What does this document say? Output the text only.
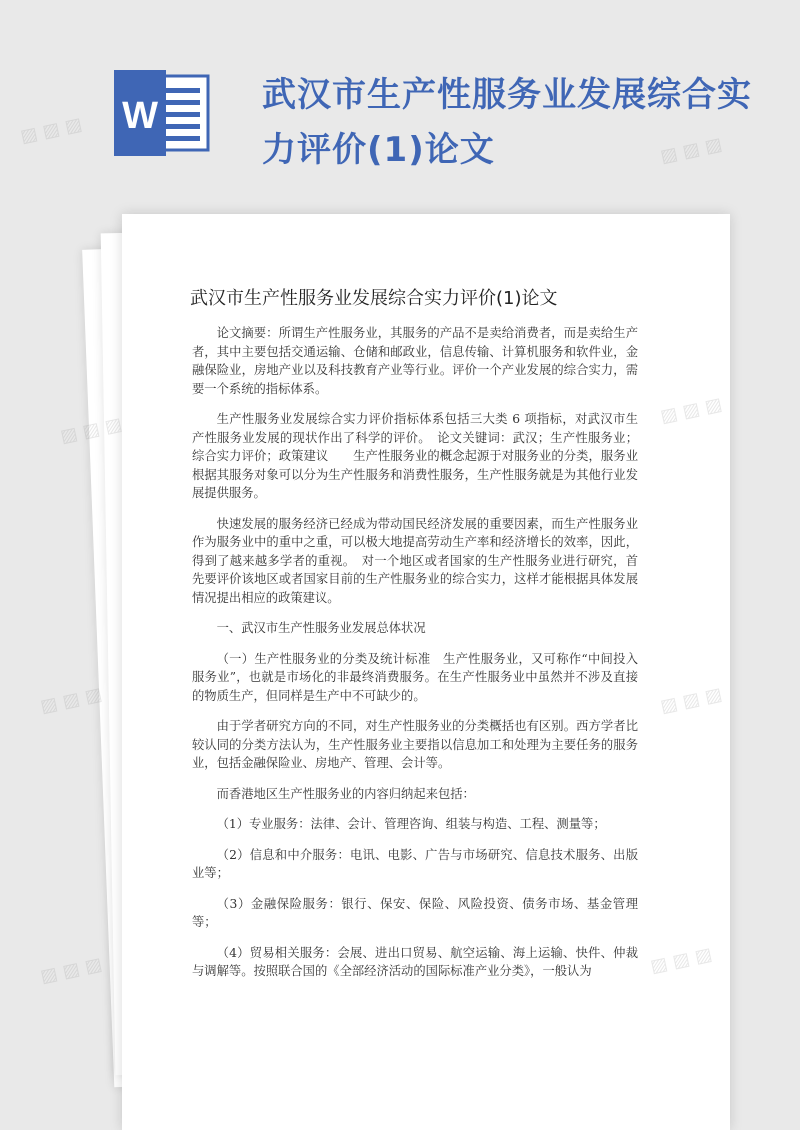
W	武汉市生产性服务业发展综合实力评价(1)论文
武汉市生产性服务业发展综合实力评价(1)论文

论文摘要：所谓生产性服务业，其服务的产品不是卖给消费者，而是卖给生产者，其中主要包括交通运输、仓储和邮政业，信息传输、计算机服务和软件业，金融保险业，房地产业以及科技教育产业等行业。评价一个产业发展的综合实力，需要一个系统的指标体系。

生产性服务业发展综合实力评价指标体系包括三大类 6 项指标，对武汉市生产性服务业发展的现状作出了科学的评价。　论文关键词：武汉；生产性服务业；综合实力评价；政策建议　　生产性服务业的概念起源于对服务业的分类，服务业根据其服务对象可以分为生产性服务和消费性服务，生产性服务就是为其他行业发展提供服务。

快速发展的服务经济已经成为带动国民经济发展的重要因素，而生产性服务业作为服务业中的重中之重，可以极大地提高劳动生产率和经济增长的效率，因此，得到了越来越多学者的重视。　对一个地区或者国家的生产性服务业进行研究，首先要评价该地区或者国家目前的生产性服务业的综合实力，这样才能根据具体发展情况提出相应的政策建议。

一、武汉市生产性服务业发展总体状况

（一）生产性服务业的分类及统计标准　生产性服务业，又可称作“中间投入服务业”，也就是市场化的非最终消费服务。在生产性服务业中虽然并不涉及直接的物质生产，但同样是生产中不可缺少的。

由于学者研究方向的不同，对生产性服务业的分类概括也有区别。西方学者比较认同的分类方法认为，生产性服务业主要指以信息加工和处理为主要任务的服务业，包括金融保险业、房地产、管理、会计等。

而香港地区生产性服务业的内容归纳起来包括：

（1）专业服务：法律、会计、管理咨询、组装与构造、工程、测量等；

（2）信息和中介服务：电讯、电影、广告与市场研究、信息技术服务、出版业等；

（3）金融保险服务：银行、保安、保险、风险投资、债务市场、基金管理等；

（4）贸易相关服务：会展、进出口贸易、航空运输、海上运输、快件、仲裁与调解等。按照联合国的《全部经济活动的国际标准产业分类》，一般认为

▨ ▨ ▨
▨ ▨ ▨
▨ ▨ ▨
▨ ▨ ▨
▨ ▨ ▨	▨ ▨ ▨
▨ ▨ ▨	▨ ▨ ▨
